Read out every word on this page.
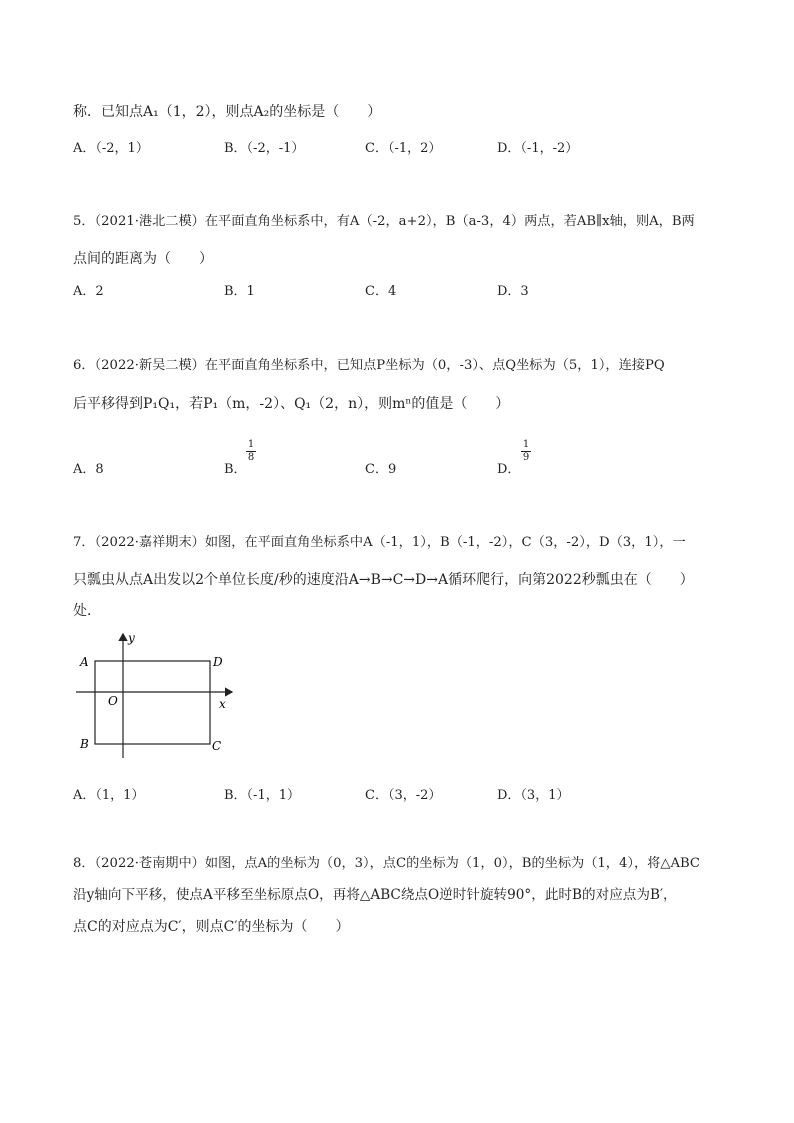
称．已知点A₁（1，2），则点A₂的坐标是（　　）
A．（-2，1）	B．（-2，-1）	C．（-1，2）	D．（-1，-2）
5．（2021·港北二模）在平面直角坐标系中，有A（-2，a+2），B（a-3，4）两点，若AB∥x轴，则A，B两
点间的距离为（　　）
A．2	B．1	C．4	D．3
6．（2022·新吴二模）在平面直角坐标系中，已知点P坐标为（0，-3）、点Q坐标为（5，1），连接PQ
后平移得到P₁Q₁，若P₁（m，-2）、Q₁（2，n），则mⁿ的值是（　　）
A．8	B．
1
8
C．9	D．
1
9
7．（2022·嘉祥期末）如图，在平面直角坐标系中A（-1，1），B（-1，-2），C（3，-2），D（3，1），一
只瓢虫从点A出发以2个单位长度/秒的速度沿A→B→C→D→A循环爬行，向第2022秒瓢虫在（　　）
处．
y
x
O
A	D
B	C
A．（1，1）	B．（-1，1）	C．（3，-2）	D．（3，1）
8．（2022·苍南期中）如图，点A的坐标为（0，3），点C的坐标为（1，0），B的坐标为（1，4），将△ABC
沿y轴向下平移，使点A平移至坐标原点O，再将△ABC绕点O逆时针旋转90°，此时B的对应点为B′，
点C的对应点为C′，则点C′的坐标为（　　）
